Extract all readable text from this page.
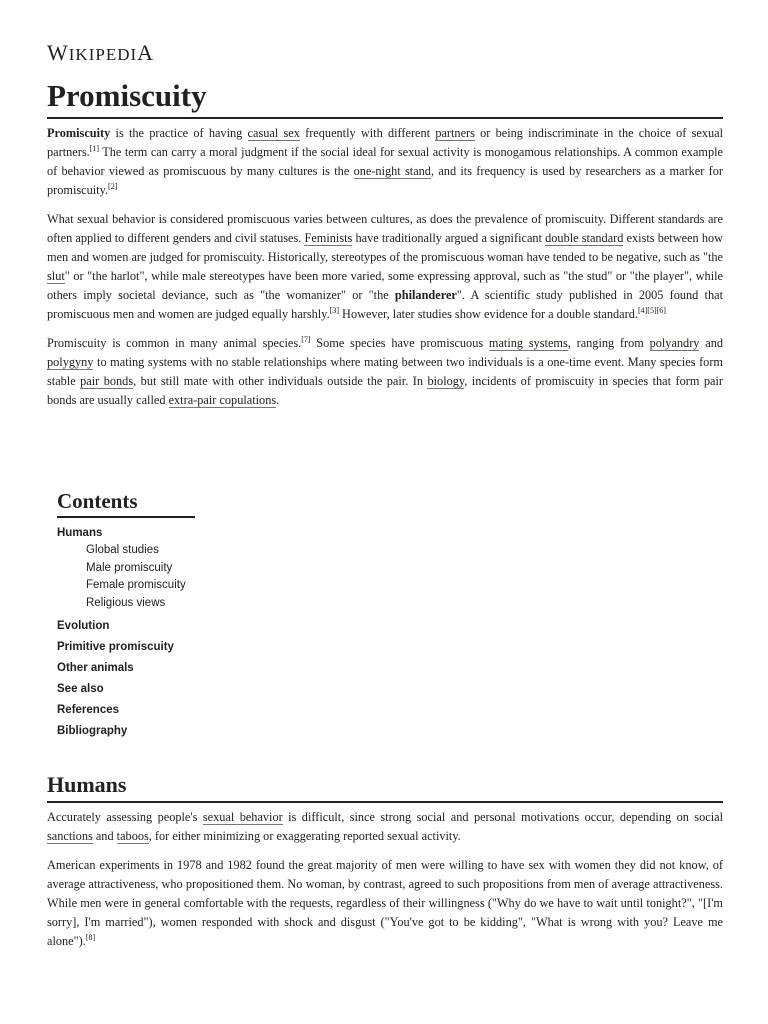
WIKIPEDIA
Promiscuity

Promiscuity is the practice of having casual sex frequently with different partners or being indiscriminate in the choice of sexual partners.[1] The term can carry a moral judgment if the social ideal for sexual activity is monogamous relationships. A common example of behavior viewed as promiscuous by many cultures is the one-night stand, and its frequency is used by researchers as a marker for promiscuity.[2]

What sexual behavior is considered promiscuous varies between cultures, as does the prevalence of promiscuity. Different standards are often applied to different genders and civil statuses. Feminists have traditionally argued a significant double standard exists between how men and women are judged for promiscuity. Historically, stereotypes of the promiscuous woman have tended to be negative, such as "the slut" or "the harlot", while male stereotypes have been more varied, some expressing approval, such as "the stud" or "the player", while others imply societal deviance, such as "the womanizer" or "the philanderer". A scientific study published in 2005 found that promiscuous men and women are judged equally harshly.[3] However, later studies show evidence for a double standard.[4][5][6]

Promiscuity is common in many animal species.[7] Some species have promiscuous mating systems, ranging from polyandry and polygyny to mating systems with no stable relationships where mating between two individuals is a one-time event. Many species form stable pair bonds, but still mate with other individuals outside the pair. In biology, incidents of promiscuity in species that form pair bonds are usually called extra-pair copulations.

Contents
Humans
Global studies
Male promiscuity
Female promiscuity
Religious views
Evolution
Primitive promiscuity
Other animals
See also
References
Bibliography
Humans

Accurately assessing people's sexual behavior is difficult, since strong social and personal motivations occur, depending on social sanctions and taboos, for either minimizing or exaggerating reported sexual activity.

American experiments in 1978 and 1982 found the great majority of men were willing to have sex with women they did not know, of average attractiveness, who propositioned them. No woman, by contrast, agreed to such propositions from men of average attractiveness. While men were in general comfortable with the requests, regardless of their willingness ("Why do we have to wait until tonight?", "[I'm sorry], I'm married"), women responded with shock and disgust ("You've got to be kidding", "What is wrong with you? Leave me alone").[8]
